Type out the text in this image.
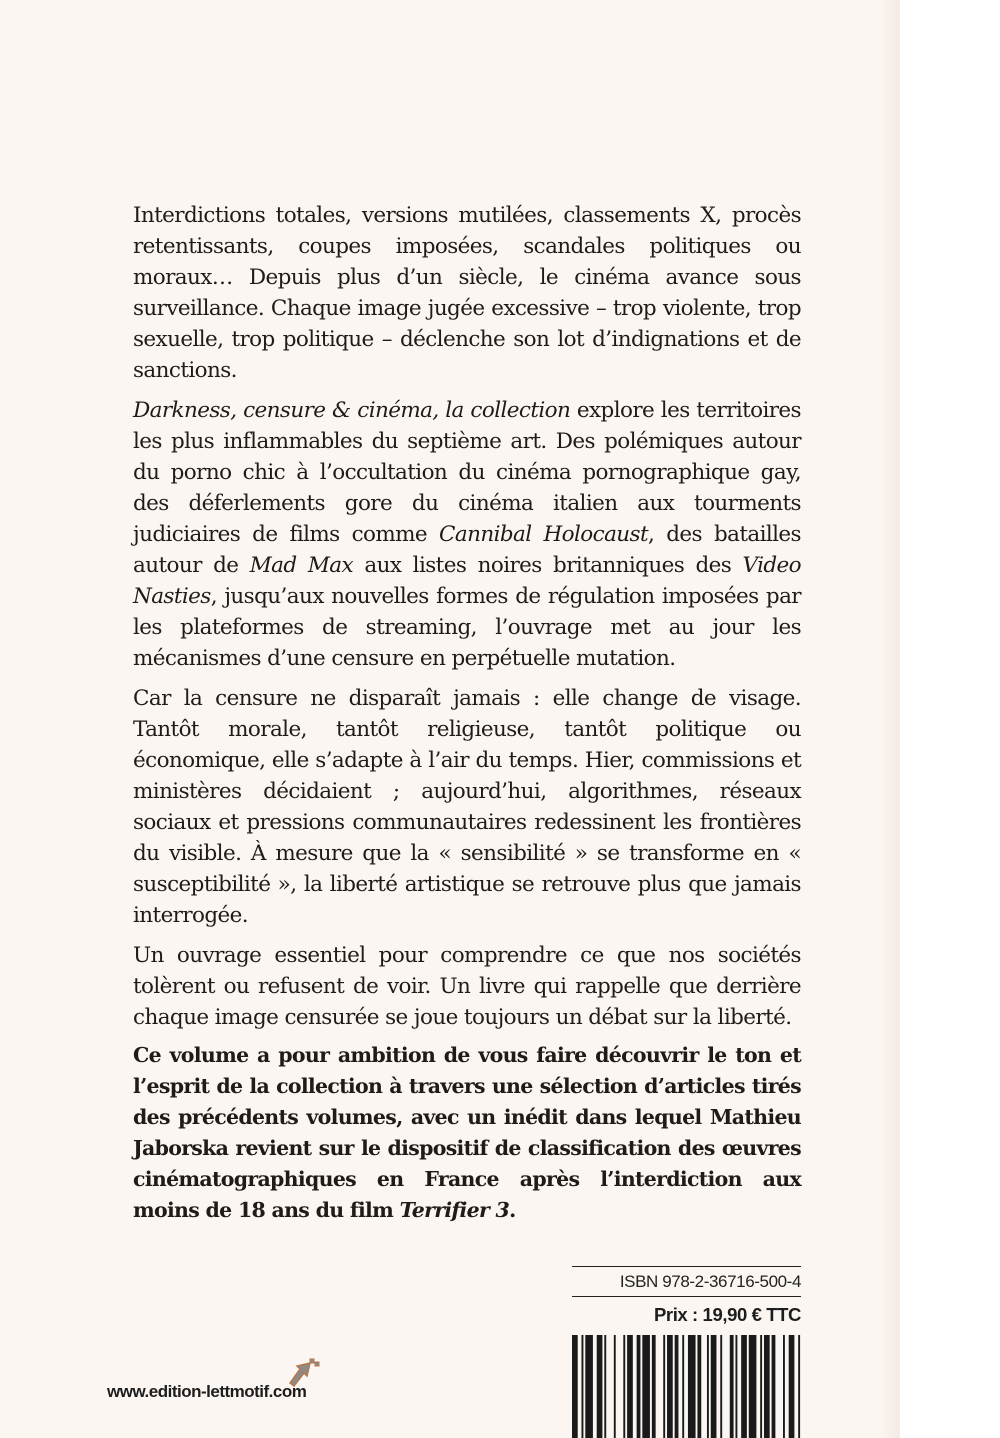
Interdictions totales, versions mutilées, classements X, procès retentissants, coupes imposées, scandales politiques ou moraux… Depuis plus d’un siècle, le cinéma avance sous surveillance. Chaque image jugée excessive – trop violente, trop sexuelle, trop politique – déclenche son lot d’indignations et de sanctions.

Darkness, censure & cinéma, la collection explore les territoires les plus inflammables du septième art. Des polémiques autour du porno chic à l’occultation du cinéma pornographique gay, des déferlements gore du cinéma italien aux tourments judiciaires de films comme Cannibal Holocaust, des batailles autour de Mad Max aux listes noires britanniques des Video Nasties, jusqu’aux nouvelles formes de régulation imposées par les plateformes de streaming, l’ouvrage met au jour les mécanismes d’une censure en perpétuelle mutation.

Car la censure ne disparaît jamais : elle change de visage. Tantôt morale, tantôt religieuse, tantôt politique ou économique, elle s’adapte à l’air du temps. Hier, commissions et ministères décidaient ; aujourd’hui, algorithmes, réseaux sociaux et pressions communautaires redessinent les frontières du visible. À mesure que la « sensibilité » se transforme en « susceptibilité », la liberté artistique se retrouve plus que jamais interrogée.

Un ouvrage essentiel pour comprendre ce que nos sociétés tolèrent ou refusent de voir. Un livre qui rappelle que derrière chaque image censurée se joue toujours un débat sur la liberté.

Ce volume a pour ambition de vous faire découvrir le ton et l’esprit de la collection à travers une sélection d’articles tirés des précédents volumes, avec un inédit dans lequel Mathieu Jaborska revient sur le dispositif de classification des œuvres cinématographiques en France après l’interdiction aux moins de 18 ans du film Terrifier 3.
ISBN 978-2-36716-500-4
Prix : 19,90 € TTC
www.edition-lettmotif.com
